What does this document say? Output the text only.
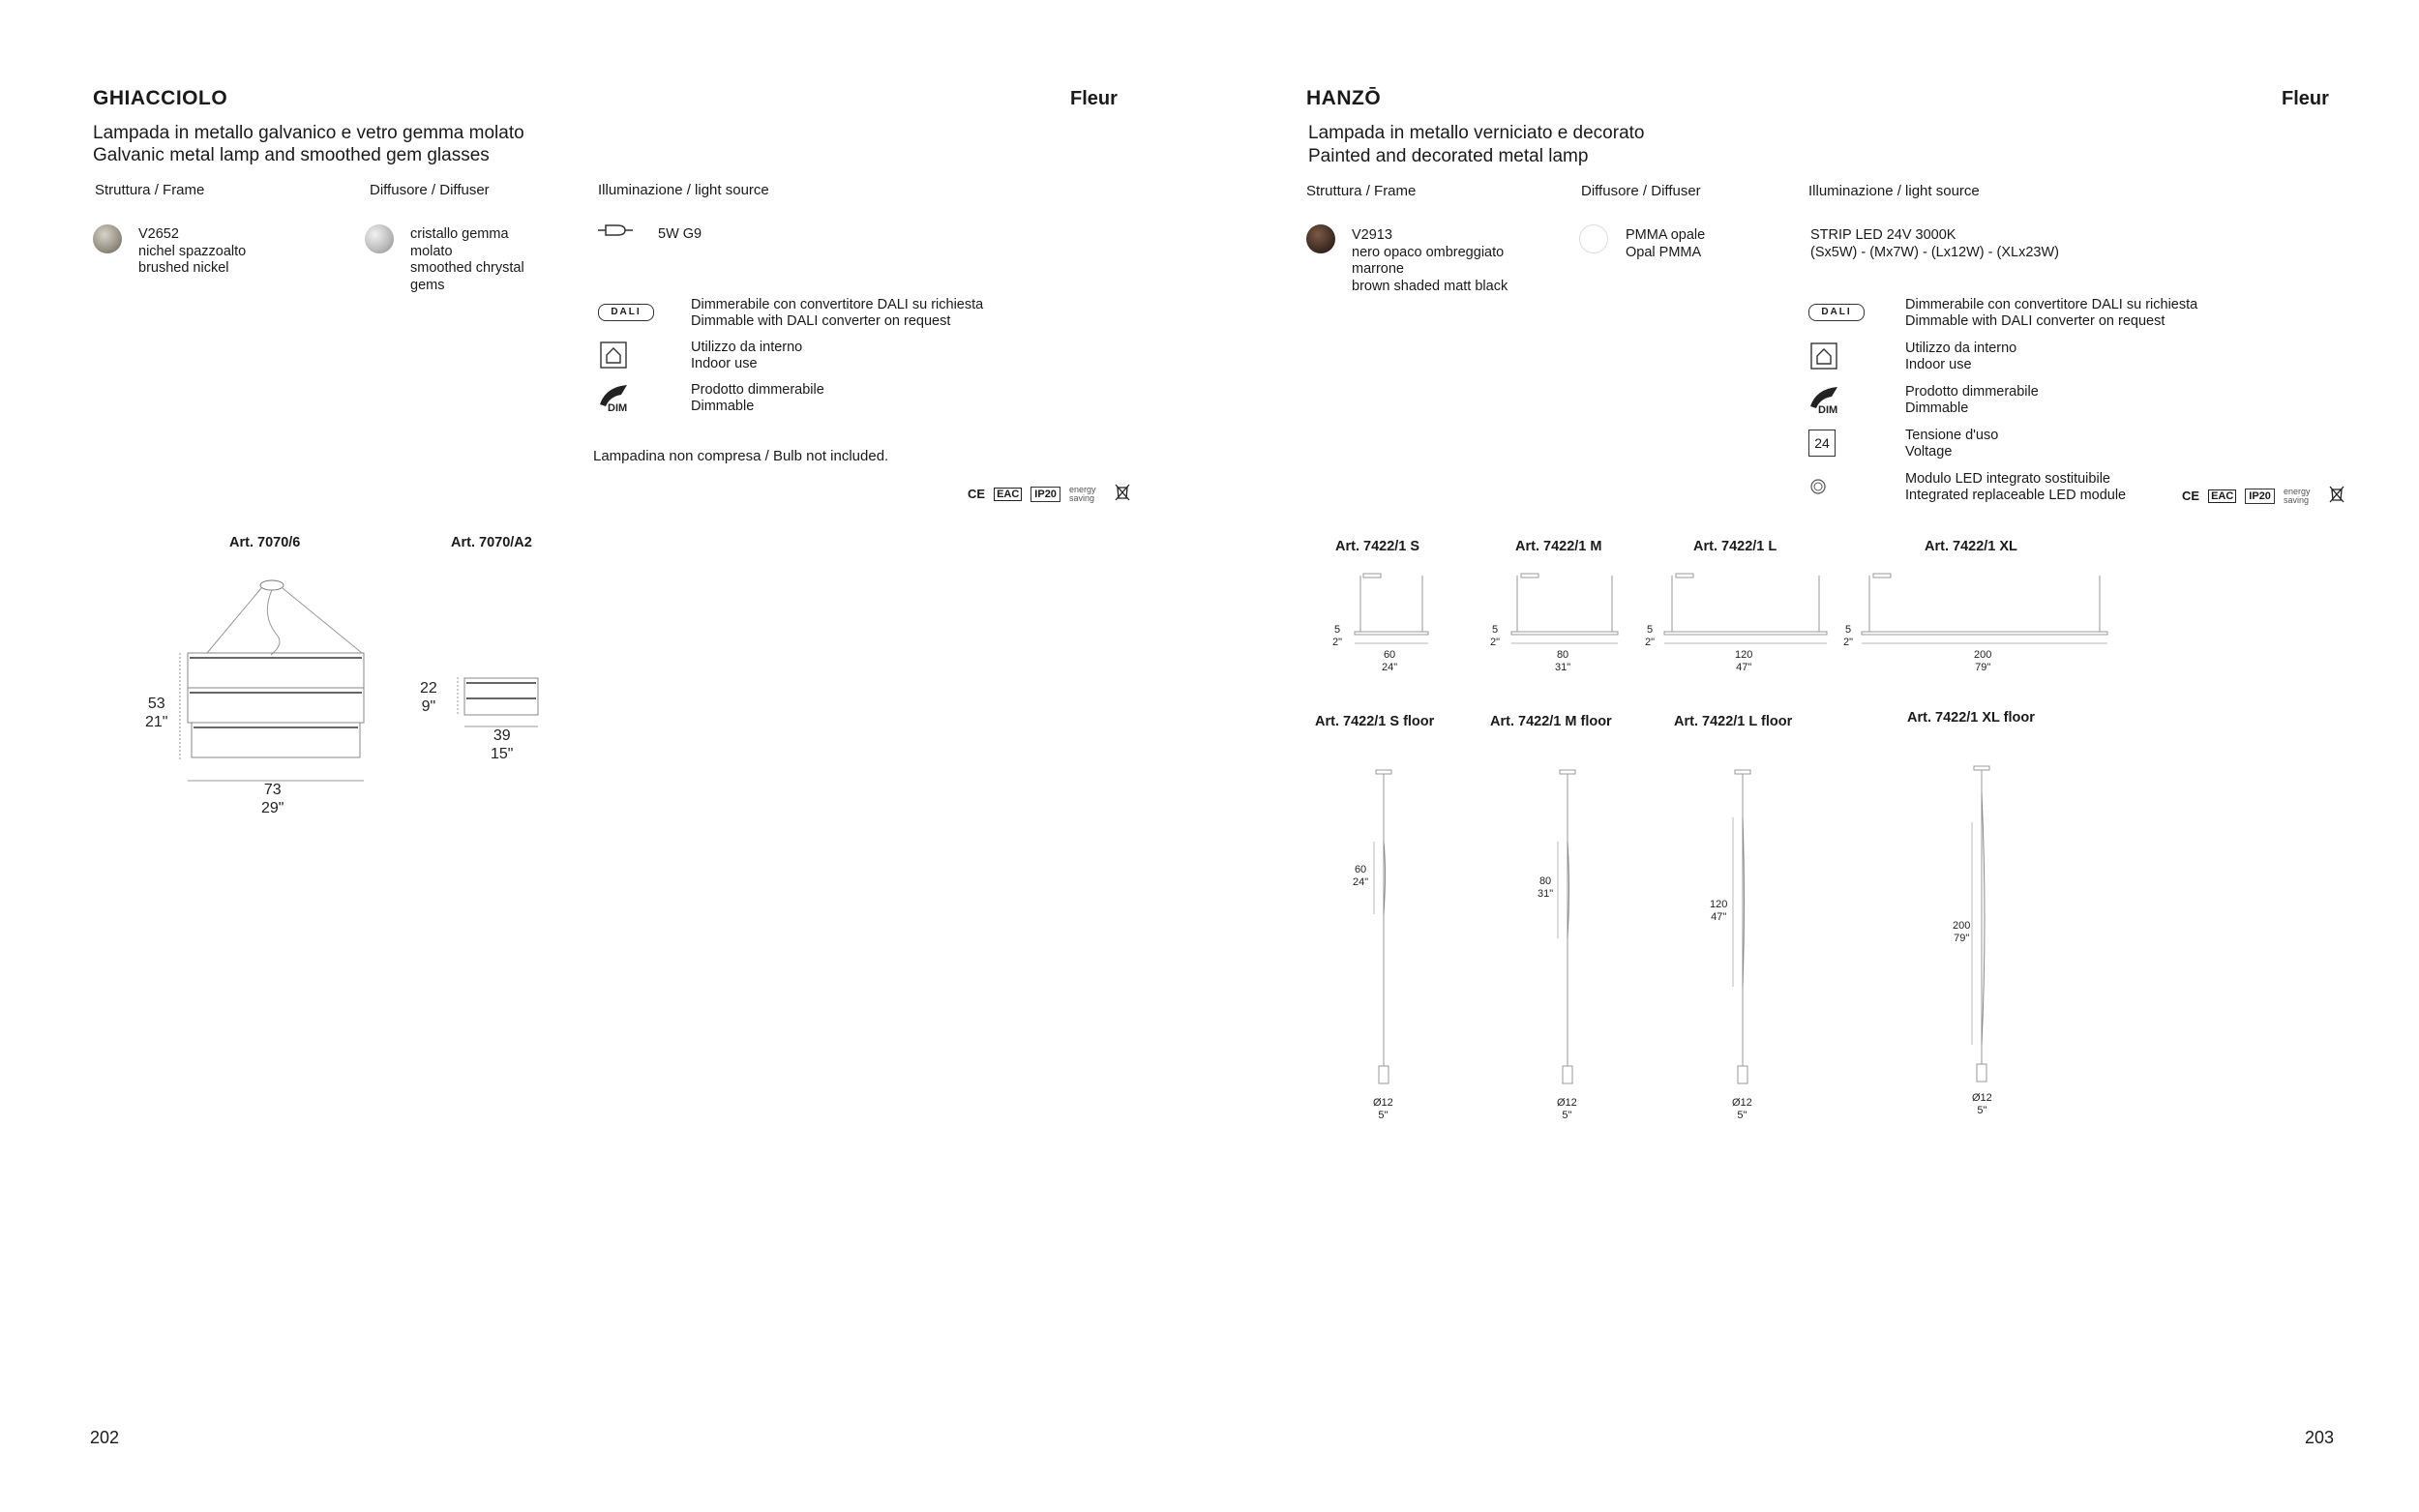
GHIACCIOLO	Fleur
Lampada in metallo galvanico e vetro gemma molato
Galvanic metal lamp and smoothed gem glasses
Struttura / Frame	Diffusore / Diffuser	Illuminazione / light source
V2652
nichel spazzoalto
brushed nickel
cristallo gemma
molato
smoothed chrystal
gems
5W G9
DALI	Dimmerabile con convertitore DALI su richiesta
Dimmable with DALI converter on request
Utilizzo da interno
Indoor use
DIM
Prodotto dimmerabile
Dimmable
Lampadina non compresa / Bulb not included.
CE EAC	IP20	energy saving
Art. 7070/6	Art. 7070/A2
53
21"
73
29"
22
9"
39
15"
202
HANZŌ	Fleur
Lampada in metallo verniciato e decorato
Painted and decorated metal lamp
Struttura / Frame	Diffusore / Diffuser	Illuminazione / light source
V2913
nero opaco ombreggiato
marrone
brown shaded matt black
PMMA opale
Opal PMMA
STRIP LED 24V 3000K
(Sx5W) - (Mx7W) - (Lx12W) - (XLx23W)
DALI	Dimmerabile con convertitore DALI su richiesta
Dimmable with DALI converter on request
Utilizzo da interno
Indoor use
DIM
Prodotto dimmerabile
Dimmable
24	Tensione d'uso
Voltage
Modulo LED integrato sostituibile
Integrated replaceable LED module	CE EAC	IP20	energy saving
Art. 7422/1 S	Art. 7422/1 M	Art. 7422/1 L	Art. 7422/1 XL
5
2"
60
24"
5
2"
80
31"
5
2"
120
47"
5
2"
200
79"
Art. 7422/1 S floor	Art. 7422/1 M floor	Art. 7422/1 L floor	Art. 7422/1 XL floor
60
24"
Ø12
5"
80
31"
Ø12
5"
120
47"
Ø12
5"
200
79"
Ø12
5"
203
